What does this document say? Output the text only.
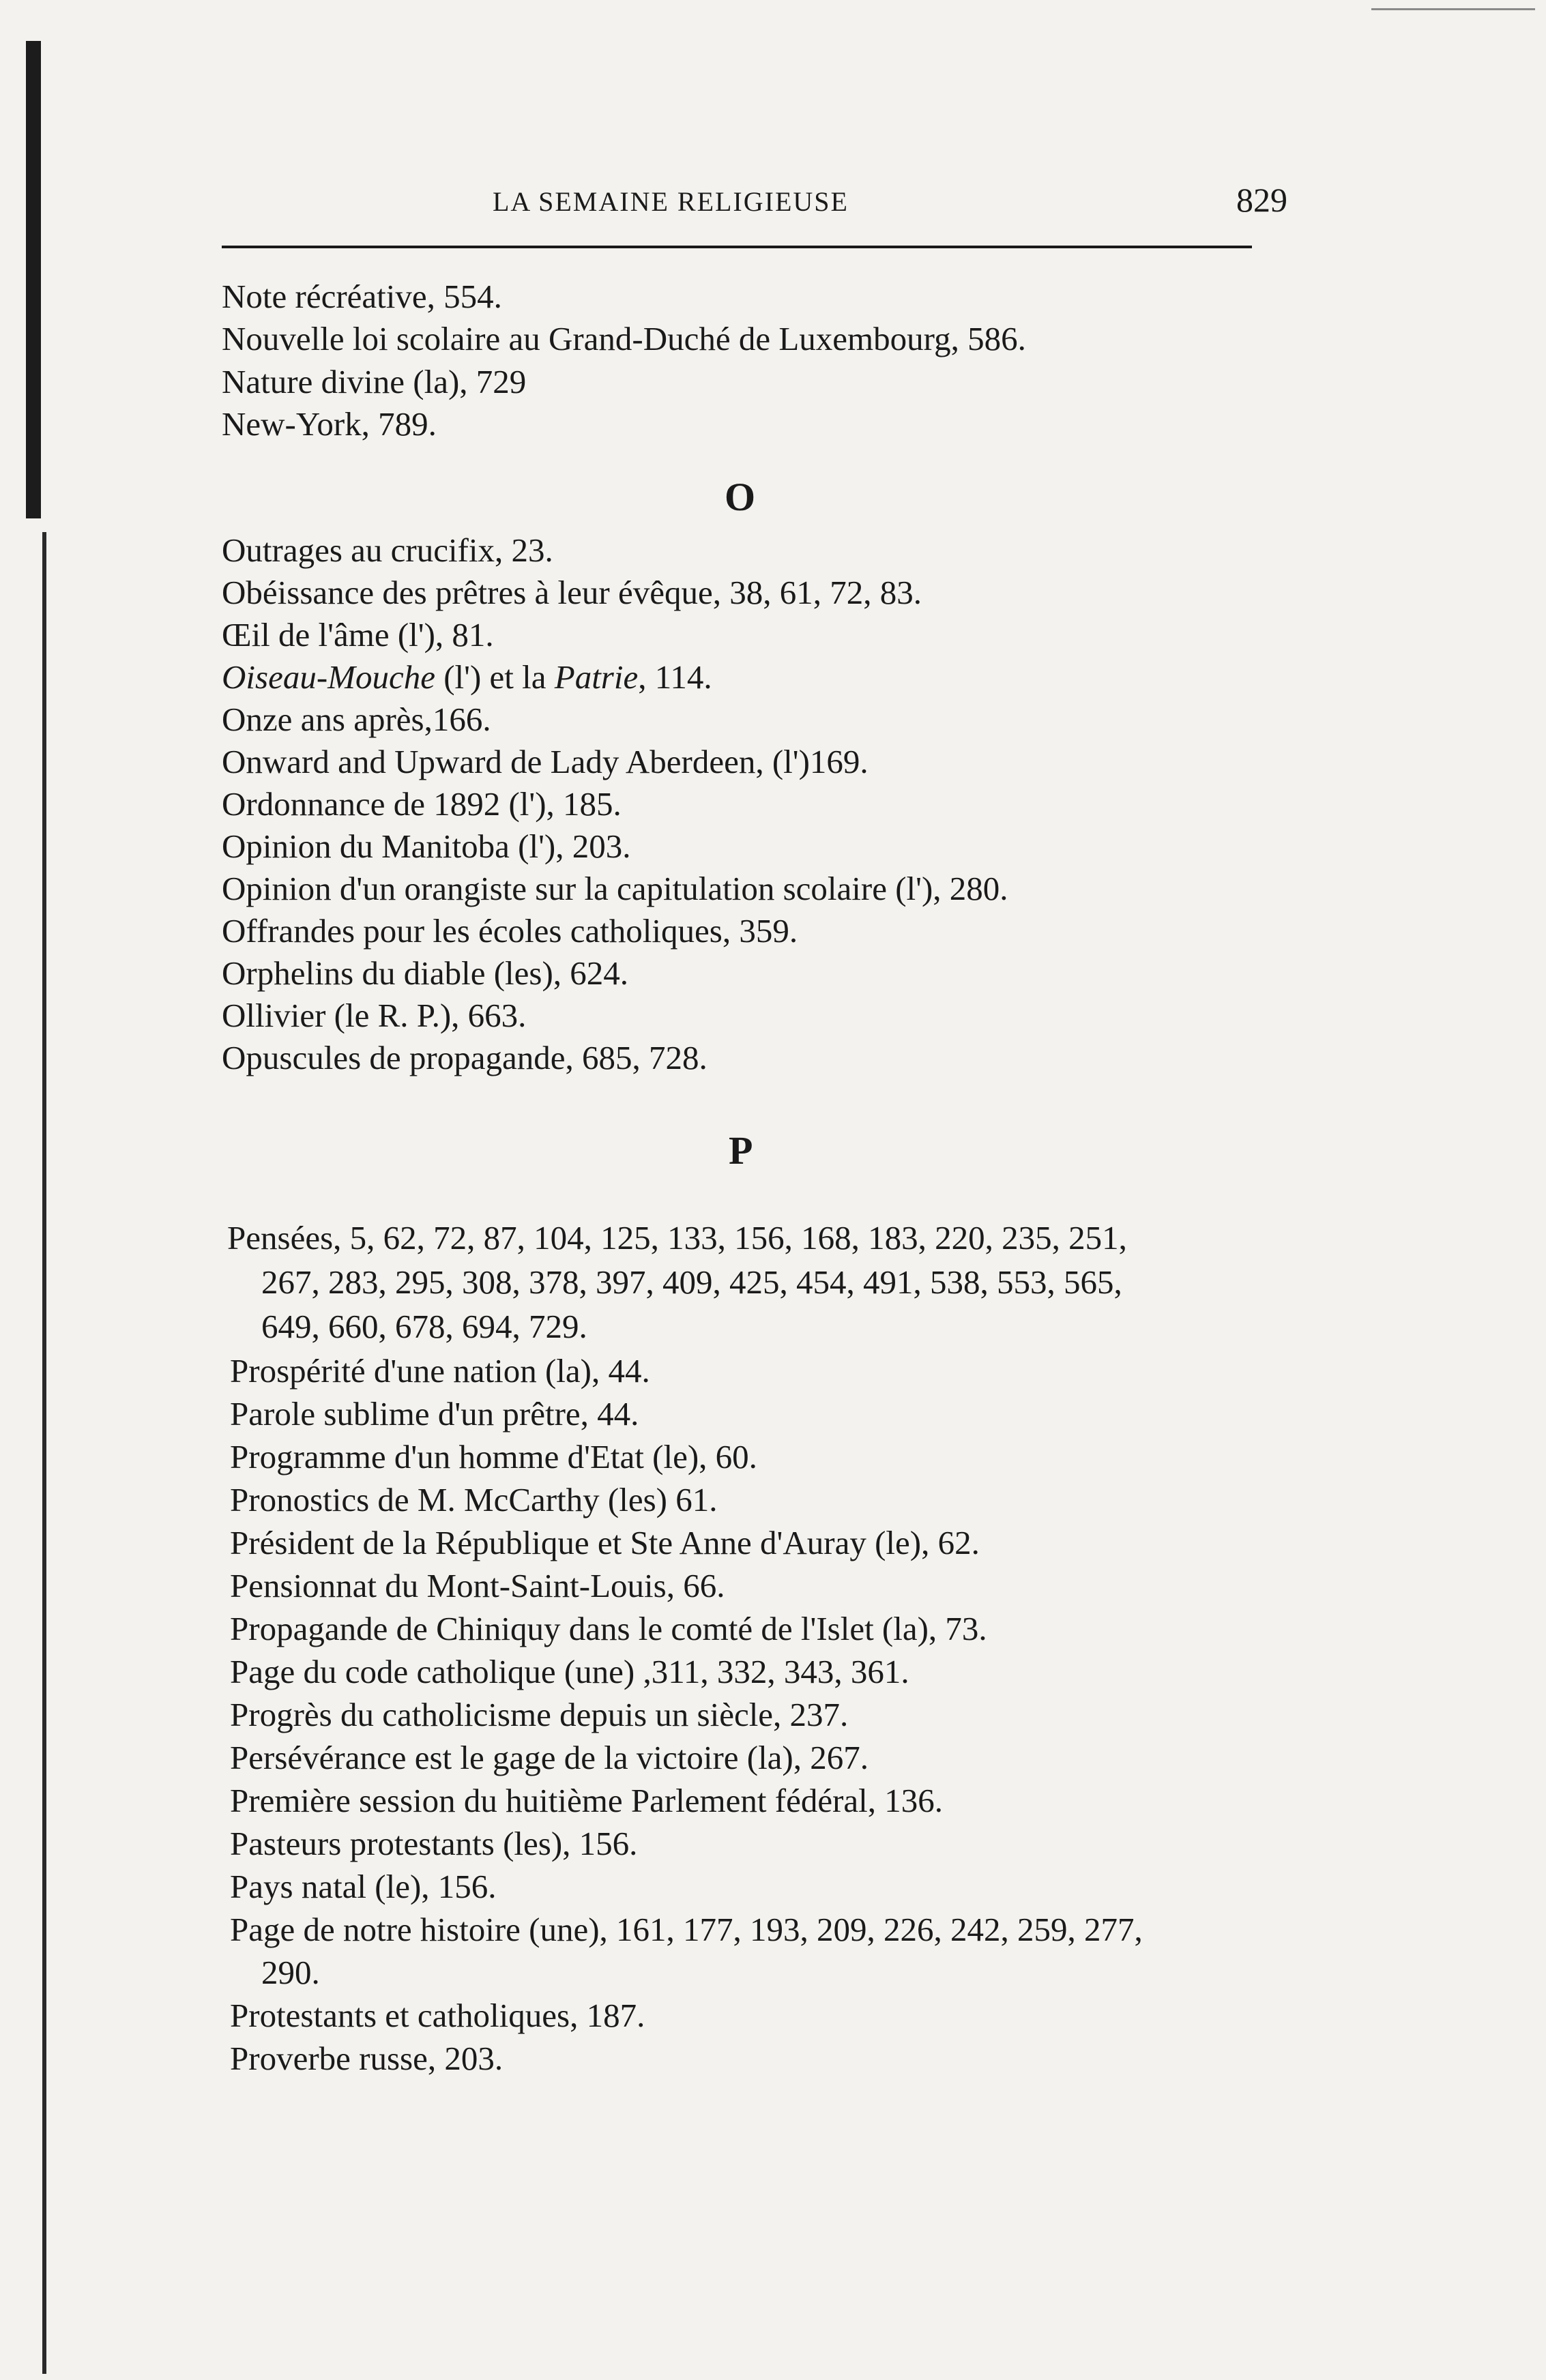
LA SEMAINE RELIGIEUSE	829
Note récréative, 554.
Nouvelle loi scolaire au Grand-Duché de Luxembourg, 586.
Nature divine (la), 729
New-York, 789.
O
Outrages au crucifix, 23.
Obéissance des prêtres à leur évêque, 38, 61, 72, 83.
Œil de l'âme (l'), 81.
Oiseau-Mouche (l') et la Patrie, 114.
Onze ans après,166.
Onward and Upward de Lady Aberdeen, (l')169.
Ordonnance de 1892 (l'), 185.
Opinion du Manitoba (l'), 203.
Opinion d'un orangiste sur la capitulation scolaire (l'), 280.
Offrandes pour les écoles catholiques, 359.
Orphelins du diable (les), 624.
Ollivier (le R. P.), 663.
Opuscules de propagande, 685, 728.
P
Pensées, 5, 62, 72, 87, 104, 125, 133, 156, 168, 183, 220, 235, 251,
267, 283, 295, 308, 378, 397, 409, 425, 454, 491, 538, 553, 565,
649, 660, 678, 694, 729.
Prospérité d'une nation (la), 44.
Parole sublime d'un prêtre, 44.
Programme d'un homme d'Etat (le), 60.
Pronostics de M. McCarthy (les) 61.
Président de la République et Ste Anne d'Auray (le), 62.
Pensionnat du Mont-Saint-Louis, 66.
Propagande de Chiniquy dans le comté de l'Islet (la), 73.
Page du code catholique (une) ,311, 332, 343, 361.
Progrès du catholicisme depuis un siècle, 237.
Persévérance est le gage de la victoire (la), 267.
Première session du huitième Parlement fédéral, 136.
Pasteurs protestants (les), 156.
Pays natal (le), 156.
Page de notre histoire (une), 161, 177, 193, 209, 226, 242, 259, 277,
290.
Protestants et catholiques, 187.
Proverbe russe, 203.
